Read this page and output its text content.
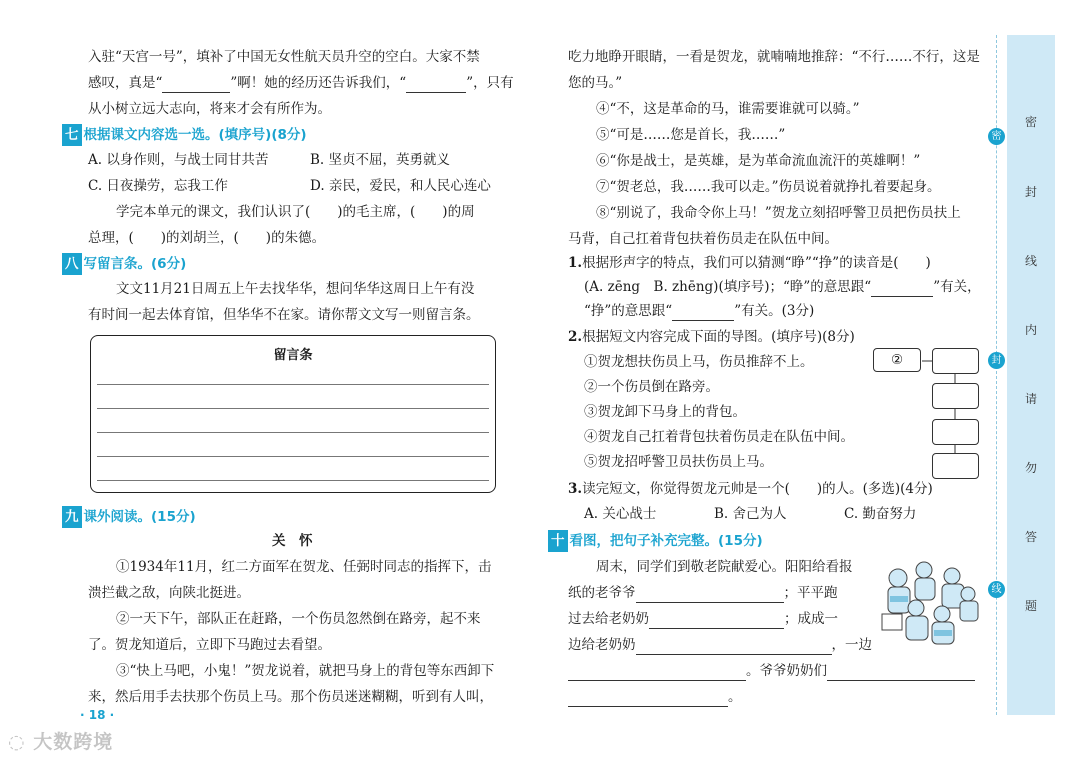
入驻“天宫一号”，填补了中国无女性航天员升空的空白。大家不禁
感叹，真是“	”啊！她的经历还告诉我们，“	”，只有
从小树立远大志向，将来才会有所作为。
七 根据课文内容选一选。(填序号)(8分)
A. 以身作则，与战士同甘共苦	B. 坚贞不屈，英勇就义
C. 日夜操劳，忘我工作	D. 亲民，爱民，和人民心连心
学完本单元的课文，我们认识了(　　)的毛主席，(　　)的周
总理，(　　)的刘胡兰，(　　)的朱德。
八 写留言条。(6分)
文文11月21日周五上午去找华华，想问华华这周日上午有没
有时间一起去体育馆，但华华不在家。请你帮文文写一则留言条。
留言条
九 课外阅读。(15分)
关　怀
①1934年11月，红二方面军在贺龙、任弼时同志的指挥下，击
溃拦截之敌，向陕北挺进。
②一天下午，部队正在赶路，一个伤员忽然倒在路旁，起不来
了。贺龙知道后，立即下马跑过去看望。
③“快上马吧，小鬼！”贺龙说着，就把马身上的背包等东西卸下
来，然后用手去扶那个伤员上马。那个伤员迷迷糊糊，听到有人叫，
· 18 ·
吃力地睁开眼睛，一看是贺龙，就喃喃地推辞：“不行……不行，这是
您的马。”
④“不，这是革命的马，谁需要谁就可以骑。”
⑤“可是……您是首长，我……”
⑥“你是战士，是英雄，是为革命流血流汗的英雄啊！”
⑦“贺老总，我……我可以走。”伤员说着就挣扎着要起身。
⑧“别说了，我命令你上马！”贺龙立刻招呼警卫员把伤员扶上
马背，自己扛着背包扶着伤员走在队伍中间。
1.根据形声字的特点，我们可以猜测“睁”“挣”的读音是(　　)
(A. zēng　B. zhēng)(填序号)；“睁”的意思跟“	”有关，
“挣”的意思跟“	”有关。(3分)
2.根据短文内容完成下面的导图。(填序号)(8分)
①贺龙想扶伤员上马，伤员推辞不上。
②一个伤员倒在路旁。
③贺龙卸下马身上的背包。
④贺龙自己扛着背包扶着伤员走在队伍中间。
⑤贺龙招呼警卫员扶伤员上马。
②
3.读完短文，你觉得贺龙元帅是一个(　　)的人。(多选)(4分)
A. 关心战士	B. 舍己为人	C. 勤奋努力
十 看图，把句子补充完整。(15分)
周末，同学们到敬老院献爱心。阳阳给看报
纸的老爷爷	；平平跑
过去给老奶奶	；成成一
边给老奶奶	，一边
。爷爷奶奶们
。
密
封
线
内
请
勿
答
题
密
封
线
◌ 大数跨境
